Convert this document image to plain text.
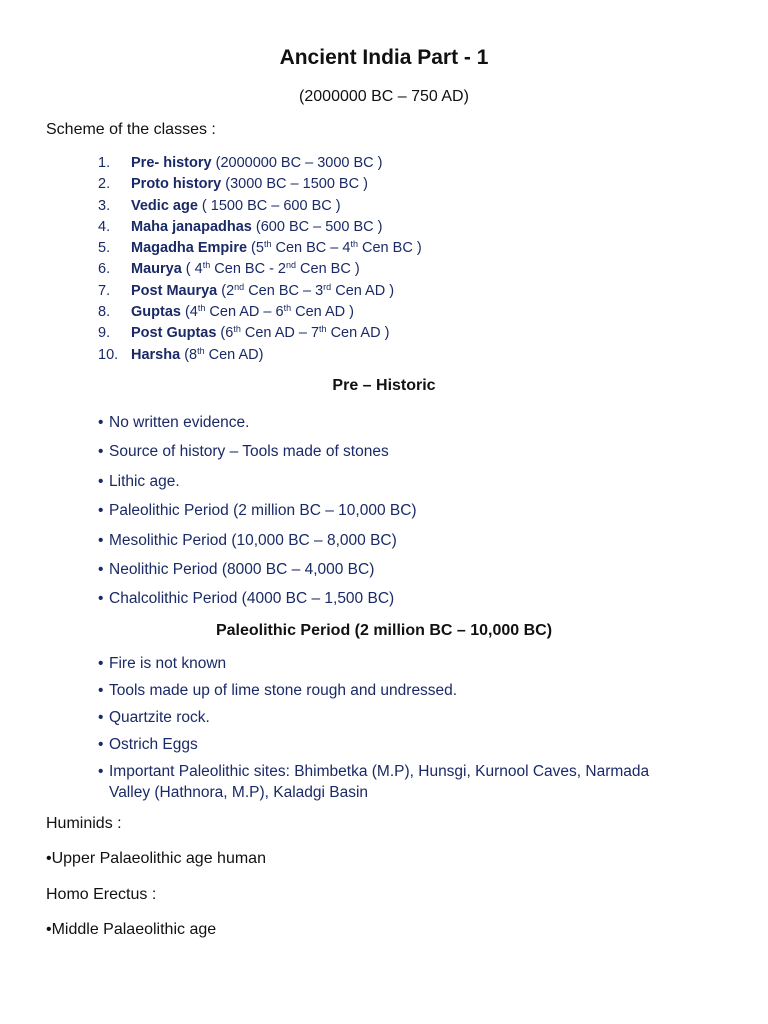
Ancient India Part - 1
(2000000 BC – 750 AD)
Scheme of the classes :
1. Pre- history (2000000 BC – 3000 BC )
2. Proto history (3000 BC – 1500 BC )
3. Vedic age ( 1500 BC – 600 BC )
4. Maha janapadhas (600 BC – 500 BC )
5. Magadha Empire (5th Cen BC – 4th Cen BC )
6. Maurya ( 4th Cen BC - 2nd Cen BC )
7. Post Maurya (2nd Cen BC – 3rd Cen AD )
8. Guptas (4th Cen AD – 6th Cen AD )
9. Post Guptas (6th Cen AD – 7th Cen AD )
10. Harsha (8th Cen AD)
Pre – Historic
• No written evidence.
• Source of history – Tools made of stones
• Lithic age.
• Paleolithic Period (2 million BC – 10,000 BC)
• Mesolithic Period (10,000 BC – 8,000 BC)
• Neolithic Period (8000 BC – 4,000 BC)
• Chalcolithic Period (4000 BC – 1,500 BC)
Paleolithic Period (2 million BC – 10,000 BC)
• Fire is not known
• Tools made up of lime stone rough and undressed.
• Quartzite rock.
• Ostrich Eggs
• Important Paleolithic sites: Bhimbetka (M.P), Hunsgi, Kurnool Caves, Narmada Valley (Hathnora, M.P), Kaladgi Basin
Huminids :
•Upper Palaeolithic age human
Homo Erectus :
•Middle Palaeolithic age
